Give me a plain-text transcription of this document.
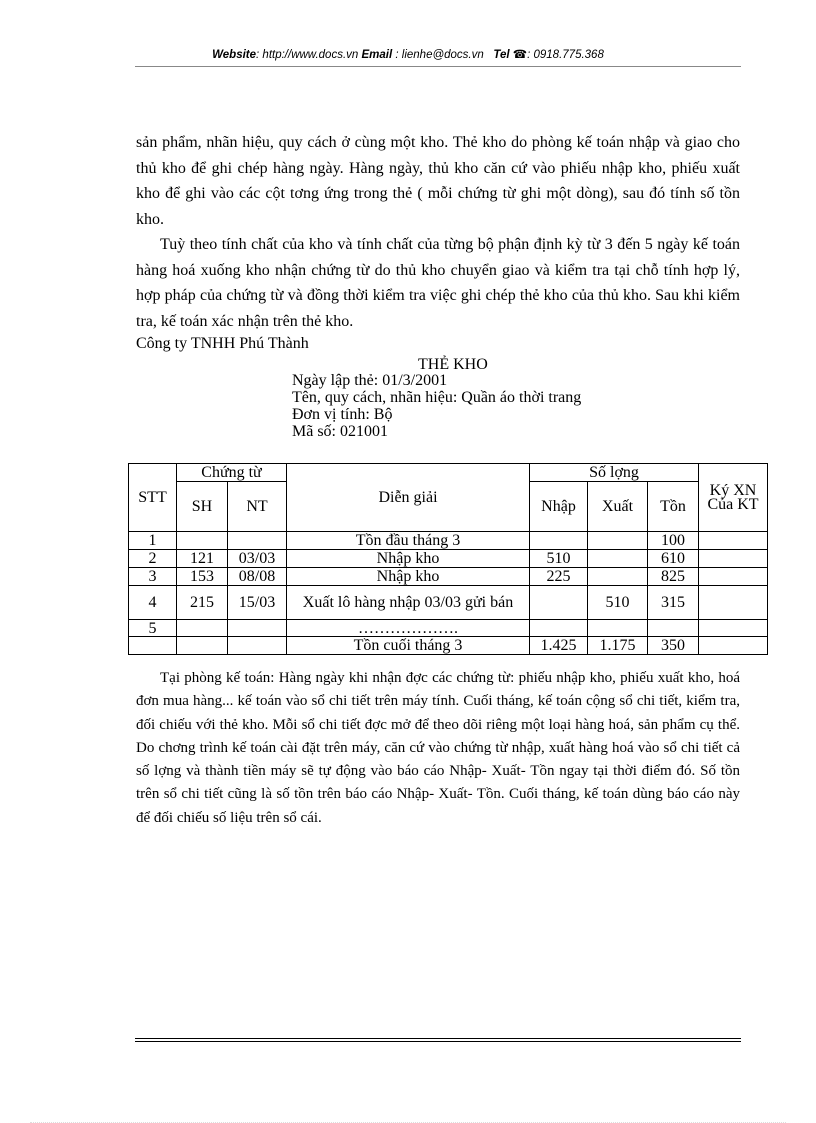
Website: http://www.docs.vn Email : lienhe@docs.vn Tel ☎: 0918.775.368

sản phẩm, nhãn hiệu, quy cách ở cùng một kho. Thẻ kho do phòng kế toán nhập và giao cho thủ kho để ghi chép hàng ngày. Hàng ngày, thủ kho căn cứ vào phiếu nhập kho, phiếu xuất kho để ghi vào các cột tơng ứng trong thẻ ( mỗi chứng từ ghi một dòng), sau đó tính số tồn kho.

Tuỳ theo tính chất của kho và tính chất của từng bộ phận định kỳ từ 3 đến 5 ngày kế toán hàng hoá xuống kho nhận chứng từ do thủ kho chuyển giao và kiểm tra tại chỗ tính hợp lý, hợp pháp của chứng từ và đồng thời kiểm tra việc ghi chép thẻ kho của thủ kho. Sau khi kiểm tra, kế toán xác nhận trên thẻ kho.

Công ty TNHH Phú Thành

THẺ KHO

Ngày lập thẻ: 01/3/2001

Tên, quy cách, nhãn hiệu: Quần áo thời trang

Đơn vị tính: Bộ

Mã số: 021001

STT	Chứng từ		Diễn giải	Số lợng			Ký XN Của KT
	SH	NT		Nhập	Xuất	Tồn	
1			Tồn đầu tháng 3			100	
2	121	03/03	Nhập kho	510		610	
3	153	08/08	Nhập kho	225		825	
4	215	15/03	Xuất lô hàng nhập 03/03 gửi bán		510	315	
5			……………….				
			Tồn cuối tháng 3	1.425	1.175	350	

Tại phòng kế toán: Hàng ngày khi nhận đợc các chứng từ: phiếu nhập kho, phiếu xuất kho, hoá đơn mua hàng... kế toán vào sổ chi tiết trên máy tính. Cuối tháng, kế toán cộng sổ chi tiết, kiểm tra, đối chiếu với thẻ kho. Mỗi sổ chi tiết đợc mở để theo dõi riêng một loại hàng hoá, sản phẩm cụ thể. Do chơng trình kế toán cài đặt trên máy, căn cứ vào chứng từ nhập, xuất hàng hoá vào sổ chi tiết cả số lợng và thành tiền máy sẽ tự động vào báo cáo Nhập- Xuất- Tồn ngay tại thời điểm đó. Số tồn trên sổ chi tiết cũng là số tồn trên báo cáo Nhập- Xuất- Tồn. Cuối tháng, kế toán dùng báo cáo này để đối chiếu số liệu trên sổ cái.
